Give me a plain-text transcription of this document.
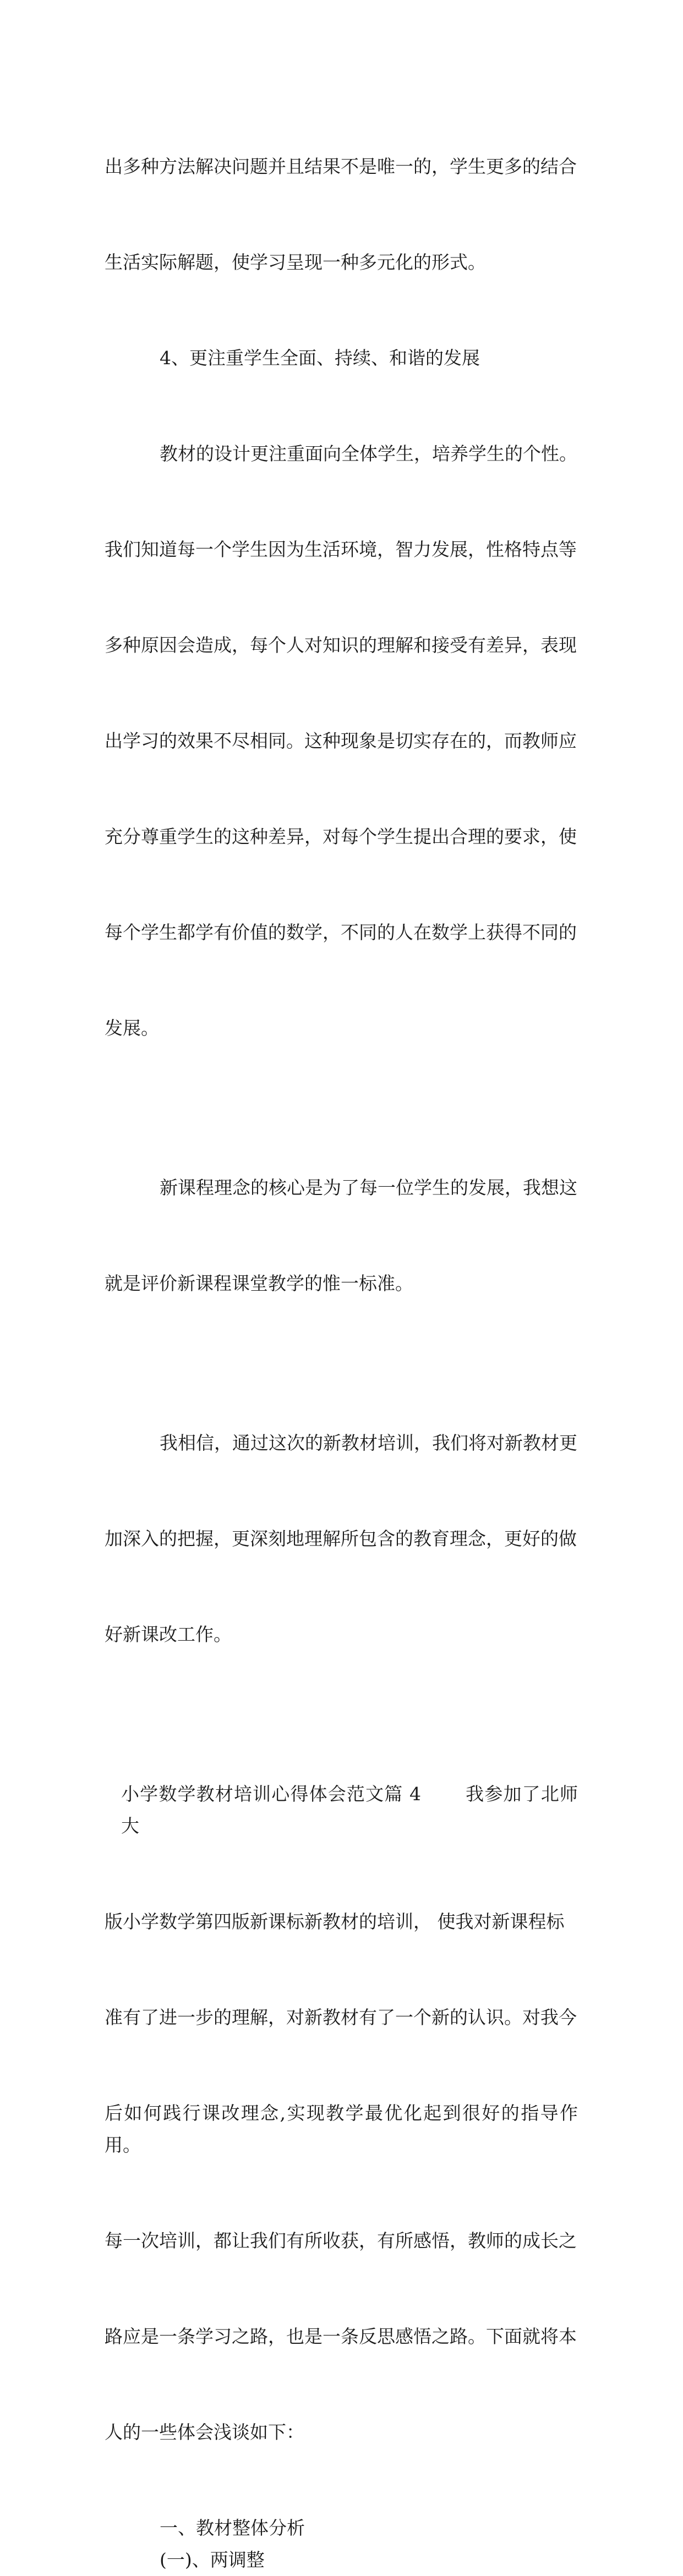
出多种方法解决问题并且结果不是唯一的，学生更多的结合

生活实际解题，使学习呈现一种多元化的形式。

4、更注重学生全面、持续、和谐的发展

教材的设计更注重面向全体学生，培养学生的个性。

我们知道每一个学生因为生活环境，智力发展，性格特点等

多种原因会造成，每个人对知识的理解和接受有差异，表现

出学习的效果不尽相同。这种现象是切实存在的，而教师应

充分尊重学生的这种差异，对每个学生提出合理的要求，使

每个学生都学有价值的数学，不同的人在数学上获得不同的

发展。

新课程理念的核心是为了每一位学生的发展，我想这

就是评价新课程课堂教学的惟一标准。

我相信，通过这次的新教材培训，我们将对新教材更

加深入的把握，更深刻地理解所包含的教育理念，更好的做

好新课改工作。

小学数学教材培训心得体会范文篇 4　　 我参加了北师大

版小学数学第四版新课标新教材的培训， 使我对新课程标

准有了进一步的理解，对新教材有了一个新的认识。对我今

后如何践行课改理念,实现教学最优化起到很好的指导作用。

每一次培训，都让我们有所收获，有所感悟，教师的成长之

路应是一条学习之路，也是一条反思感悟之路。下面就将本

人的一些体会浅谈如下：

一、教材整体分析
(一)、两调整
